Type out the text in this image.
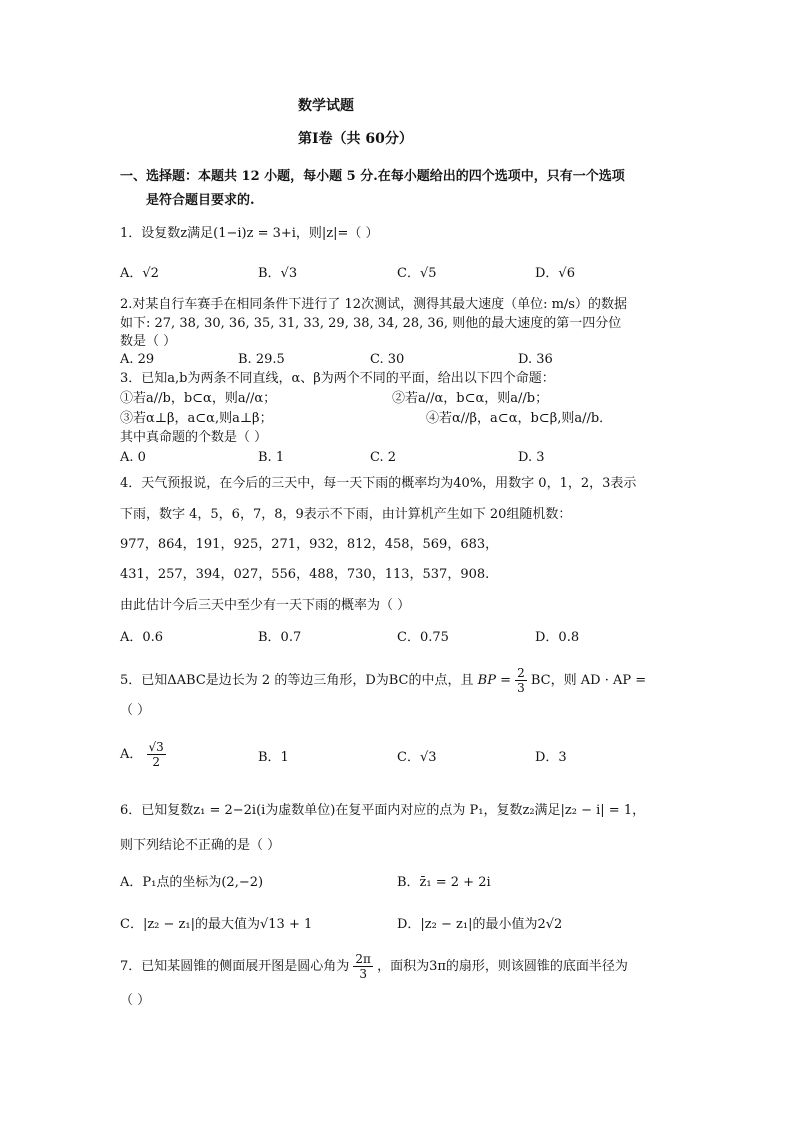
数学试题
第Ⅰ卷（共 60分）
一、选择题：本题共 12 小题，每小题 5 分.在每小题给出的四个选项中，只有一个选项
是符合题目要求的.
1．设复数z满足(1−i)z = 3+i，则|z|=（ ）
A．√2	B．√3	C．√5	D．√6
2.对某自行车赛手在相同条件下进行了 12次测试，测得其最大速度（单位: m/s）的数据
如下: 27, 38, 30, 36, 35, 31, 33, 29, 38, 34, 28, 36, 则他的最大速度的第一四分位
数是（ ）
A. 29	B. 29.5	C. 30	D. 36
3．已知a,b为两条不同直线，α、β为两个不同的平面，给出以下四个命题：
①若a//b，b⊂α，则a//α；	②若a//α，b⊂α，则a//b；
③若α⊥β，a⊂α,则a⊥β；	④若α//β，a⊂α，b⊂β,则a//b．
其中真命题的个数是（ ）
A. 0	B. 1	C. 2	D. 3
4．天气预报说，在今后的三天中，每一天下雨的概率均为40%，用数字 0，1，2，3表示
下雨，数字 4，5，6，7，8，9表示不下雨，由计算机产生如下 20组随机数：
977，864，191，925，271，932，812，458，569，683，
431，257，394，027，556，488，730，113，537，908.
由此估计今后三天中至少有一天下雨的概率为（ ）
A．0.6	B．0.7	C．0.75	D．0.8
5．已知ΔABC是边长为 2 的等边三角形，D为BC的中点，且 BP = $\frac{2}{3}$ BC，则 AD · AP =
（ ）
A． $\frac{√3}{2}$	B．1	C．√3	D．3
6．已知复数z₁ = 2−2i(i为虚数单位)在复平面内对应的点为 P₁，复数z₂满足|z₂ − i| = 1，
则下列结论不正确的是（ ）
A．P₁点的坐标为(2,−2)	B．z̄₁ = 2 + 2i
C．|z₂ − z₁|的最大值为√13 + 1	D．|z₂ − z₁|的最小值为2√2
7．已知某圆锥的侧面展开图是圆心角为 $\frac{2\pi}{3}$ ，面积为3π的扇形，则该圆锥的底面半径为
（ ）
